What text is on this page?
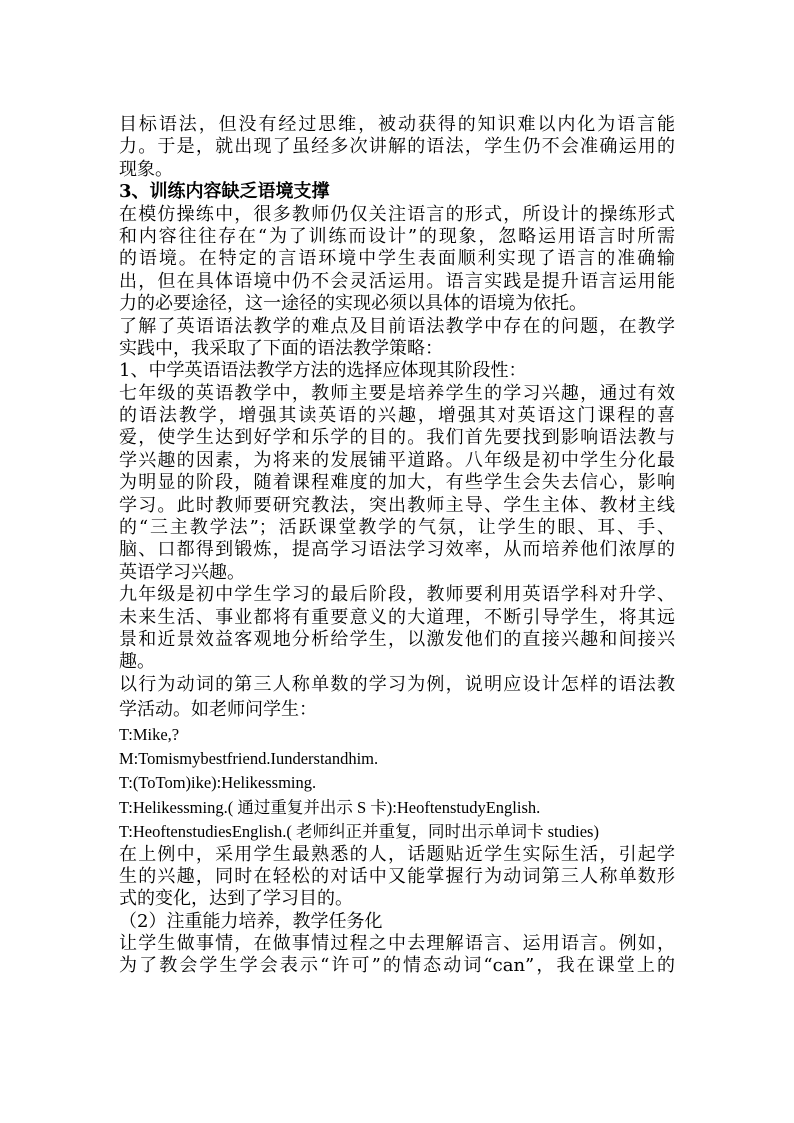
目标语法，但没有经过思维，被动获得的知识难以内化为语言能
力。于是，就出现了虽经多次讲解的语法，学生仍不会准确运用的
现象。
3、训练内容缺乏语境支撑
在模仿操练中，很多教师仍仅关注语言的形式，所设计的操练形式
和内容往往存在“为了训练而设计”的现象，忽略运用语言时所需
的语境。在特定的言语环境中学生表面顺利实现了语言的准确输
出，但在具体语境中仍不会灵活运用。语言实践是提升语言运用能
力的必要途径，这一途径的实现必须以具体的语境为依托。
了解了英语语法教学的难点及目前语法教学中存在的问题，在教学
实践中，我采取了下面的语法教学策略：
1、中学英语语法教学方法的选择应体现其阶段性：
七年级的英语教学中，教师主要是培养学生的学习兴趣，通过有效
的语法教学，增强其读英语的兴趣，增强其对英语这门课程的喜
爱，使学生达到好学和乐学的目的。我们首先要找到影响语法教与
学兴趣的因素，为将来的发展铺平道路。八年级是初中学生分化最
为明显的阶段，随着课程难度的加大，有些学生会失去信心，影响
学习。此时教师要研究教法，突出教师主导、学生主体、教材主线
的“三主教学法”；活跃课堂教学的气氛，让学生的眼、耳、手、
脑、口都得到锻炼，提高学习语法学习效率，从而培养他们浓厚的
英语学习兴趣。
九年级是初中学生学习的最后阶段，教师要利用英语学科对升学、
未来生活、事业都将有重要意义的大道理，不断引导学生，将其远
景和近景效益客观地分析给学生，以激发他们的直接兴趣和间接兴
趣。
以行为动词的第三人称单数的学习为例，说明应设计怎样的语法教
学活动。如老师问学生：
T:Mike,?
M:Tomismybestfriend.Iunderstandhim.
T:(ToTom)ike):Helikessming.
T:Helikessming.( 通过重复并出示 S 卡):HeoftenstudyEnglish.
T:HeoftenstudiesEnglish.( 老师纠正并重复，同时出示单词卡 studies)
在上例中，采用学生最熟悉的人，话题贴近学生实际生活，引起学
生的兴趣，同时在轻松的对话中又能掌握行为动词第三人称单数形
式的变化，达到了学习目的。
（2）注重能力培养，教学任务化
让学生做事情，在做事情过程之中去理解语言、运用语言。例如，
为了教会学生学会表示“许可”的情态动词“can”，我在课堂上的
